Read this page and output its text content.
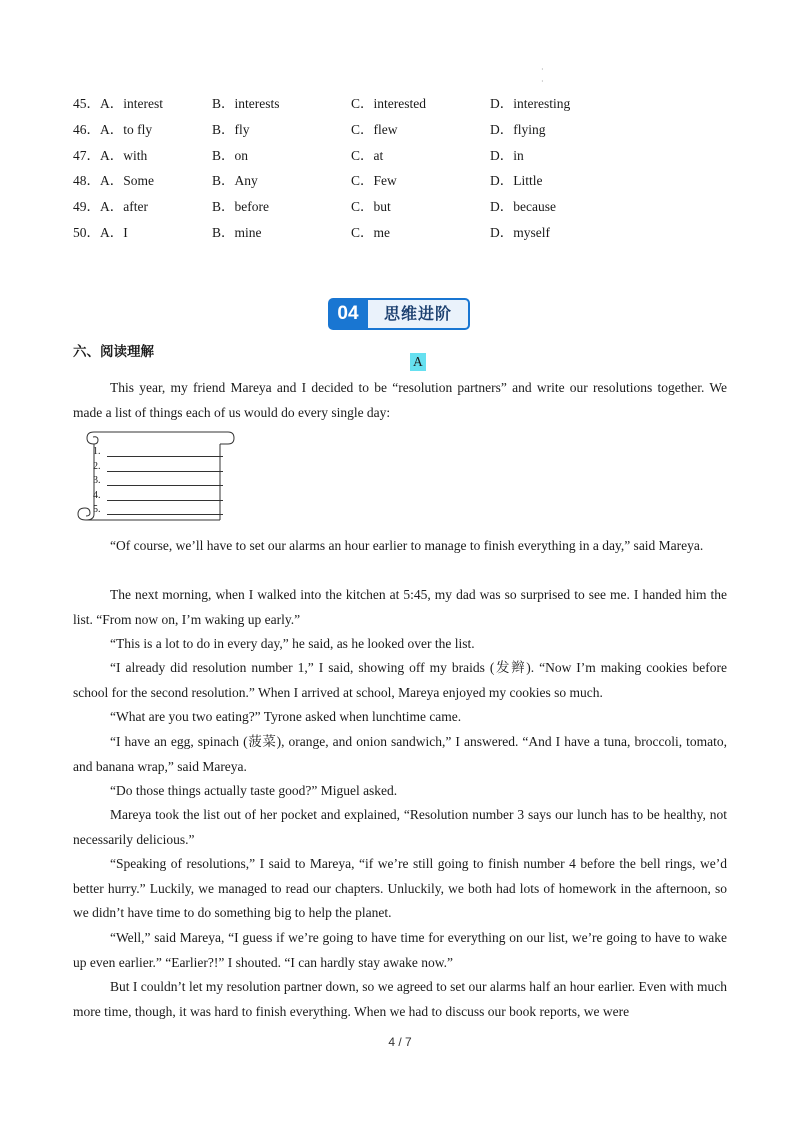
·
·
45．A．interest	B．interests	C．interested	D．interesting
46．A．to fly	B．fly	C．flew	D．flying
47．A．with	B．on	C．at	D．in
48．A．Some	B．Any	C．Few	D．Little
49．A．after	B．before	C．but	D．because
50．A．I	B．mine	C．me	D．myself
04	思维进阶
六、阅读理解
A

This year, my friend Mareya and I decided to be “resolution partners” and write our resolutions together. We made a list of things each of us would do every single day:

1.
2.
3.
4.
5.

“Of course, we’ll have to set our alarms an hour earlier to manage to finish everything in a day,” said Mareya.

The next morning, when I walked into the kitchen at 5:45, my dad was so surprised to see me. I handed him the list. “From now on, I’m waking up early.”

“This is a lot to do in every day,” he said, as he looked over the list.

“I already did resolution number 1,” I said, showing off my braids (发辫). “Now I’m making cookies before school for the second resolution.” When I arrived at school, Mareya enjoyed my cookies so much.

“What are you two eating?” Tyrone asked when lunchtime came.

“I have an egg, spinach (菠菜), orange, and onion sandwich,” I answered. “And I have a tuna, broccoli, tomato, and banana wrap,” said Mareya.

“Do those things actually taste good?” Miguel asked.

Mareya took the list out of her pocket and explained, “Resolution number 3 says our lunch has to be healthy, not necessarily delicious.”

“Speaking of resolutions,” I said to Mareya, “if we’re still going to finish number 4 before the bell rings, we’d better hurry.” Luckily, we managed to read our chapters. Unluckily, we both had lots of homework in the afternoon, so we didn’t have time to do something big to help the planet.

“Well,” said Mareya, “I guess if we’re going to have time for everything on our list, we’re going to have to wake up even earlier.” “Earlier?!” I shouted. “I can hardly stay awake now.”

But I couldn’t let my resolution partner down, so we agreed to set our alarms half an hour earlier. Even with much more time, though, it was hard to finish everything. When we had to discuss our book reports, we were

4 / 7
